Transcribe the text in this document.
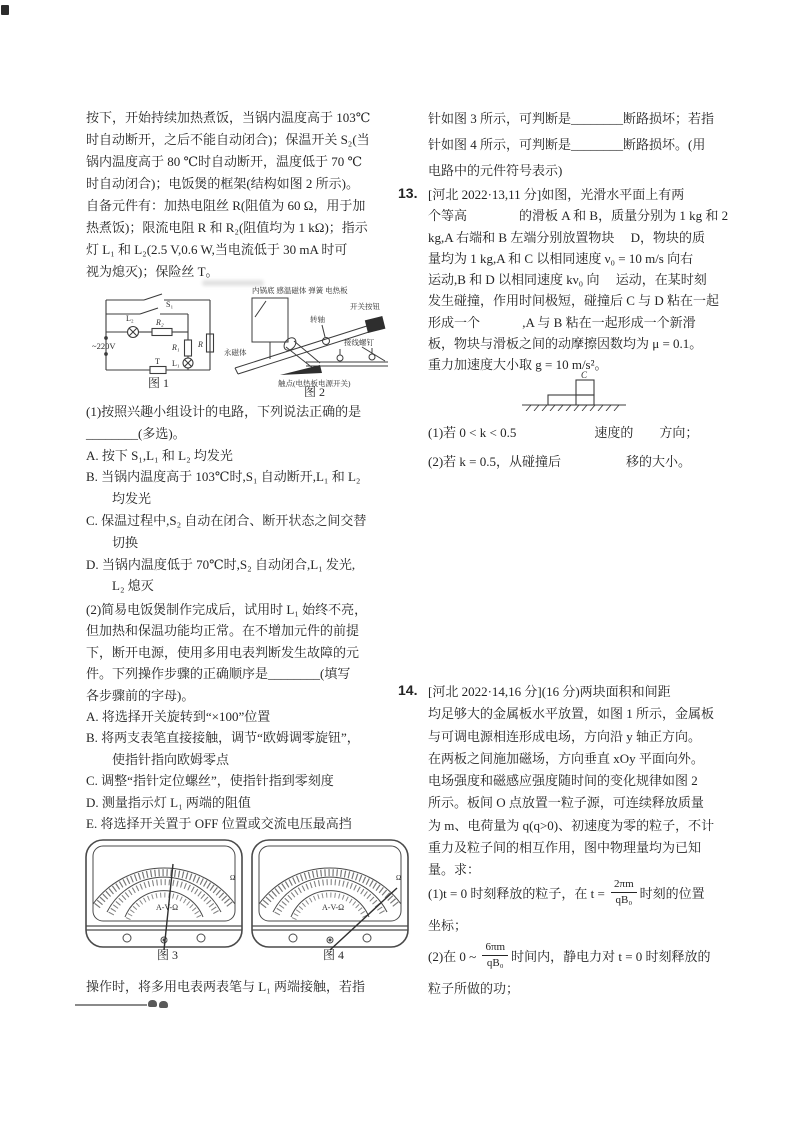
按下，开始持续加热煮饭，当锅内温度高于 103℃
时自动断开，之后不能自动闭合)；保温开关 S₂(当
锅内温度高于 80 ℃时自动断开，温度低于 70 ℃
时自动闭合)；电饭煲的框架(结构如图 2 所示)。
自备元件有：加热电阻丝 R(阻值为 60 Ω，用于加
热煮饭)；限流电阻 R 和 R₂(阻值均为 1 kΩ)；指示
灯 L₁ 和 L₂(2.5 V,0.6 W,当电流低于 30 mA 时可
视为熄灭)；保险丝 T。
S₁
L₂	R₂
R₁ R
L₁
~220V
T
图 1
内锅底 感温磁体 弹簧 电热板
永磁体
转轴
开关按钮
接线螺钉
触点(电热板电源开关)
图 2
(1)按照兴趣小组设计的电路，下列说法正确的是
________(多选)。
A. 按下 S₁,L₁ 和 L₂ 均发光
B. 当锅内温度高于 103℃时,S₁ 自动断开,L₁ 和 L₂
　　均发光
C. 保温过程中,S₂ 自动在闭合、断开状态之间交替
　　切换
D. 当锅内温度低于 70℃时,S₂ 自动闭合,L₁ 发光,
　　L₂ 熄灭
(2)简易电饭煲制作完成后，试用时 L₁ 始终不亮，
但加热和保温功能均正常。在不增加元件的前提
下，断开电源，使用多用电表判断发生故障的元
件。下列操作步骤的正确顺序是________(填写
各步骤前的字母)。
A. 将选择开关旋转到“×100”位置
B. 将两支表笔直接接触，调节“欧姆调零旋钮”，
　　使指针指向欧姆零点
C. 调整“指针定位螺丝”，使指针指到零刻度
D. 测量指示灯 L₁ 两端的阻值
E. 将选择开关置于 OFF 位置或交流电压最高挡
A-V-Ω
Ω
图 3
A-V-Ω
Ω
图 4
操作时，将多用电表两表笔与 L₁ 两端接触，若指
针如图 3 所示，可判断是________断路损坏；若指
针如图 4 所示，可判断是________断路损坏。(用
电路中的元件符号表示)
13. [河北 2022·13,11 分]如图，光滑水平面上有两
个等高　　　　的滑板 A 和 B，质量分别为 1 kg 和 2
kg,A 右端和 B 左端分别放置物块　 D，物块的质
量均为 1 kg,A 和 C 以相同速度 ν₀ = 10 m/s 向右
运动,B 和 D 以相同速度 kν₀ 向　 运动，在某时刻
发生碰撞，作用时间极短，碰撞后 C 与 D 粘在一起
形成一个　　　 ,A 与 B 粘在一起形成一个新滑
板，物块与滑板之间的动摩擦因数均为 μ = 0.1。
重力加速度大小取 g = 10 m/s²。
C
(1)若 0 < k < 0.5　　　　　　速度的　　方向；
(2)若 k = 0.5，从碰撞后　　　　　移的大小。
14. [河北 2022·14,16 分](16 分)两块面积和间距
均足够大的金属板水平放置，如图 1 所示，金属板
与可调电源相连形成电场，方向沿 y 轴正方向。
在两板之间施加磁场，方向垂直 xOy 平面向外。
电场强度和磁感应强度随时间的变化规律如图 2
所示。板间 O 点放置一粒子源，可连续释放质量
为 m、电荷量为 q(q>0)、初速度为零的粒子，不计
重力及粒子间的相互作用，图中物理量均为已知
量。求：
(1)t = 0 时刻释放的粒子，在 $t = \frac{2\pi m}{\text{qB₀}}$ 时刻的位置
坐标；
(2)在 0 ~ $\frac{6\pi m}{\text{qB₀}}$ 时间内，静电力对 t = 0 时刻释放的
粒子所做的功；
